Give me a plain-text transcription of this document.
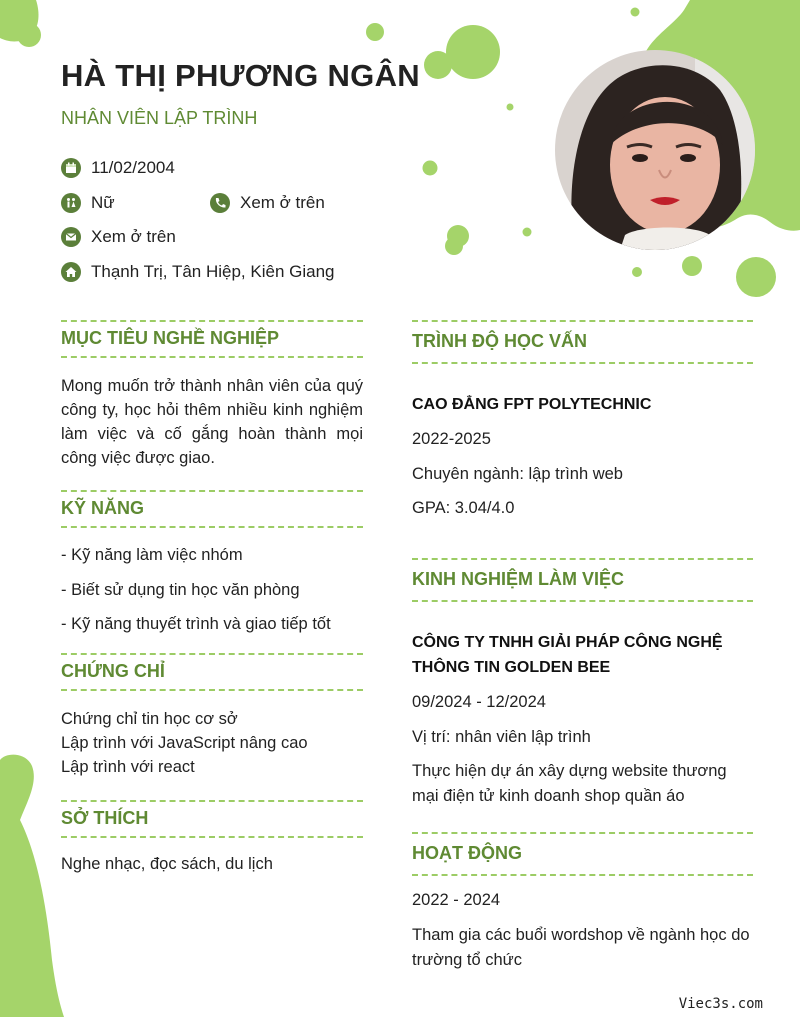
HÀ THỊ PHƯƠNG NGÂN

NHÂN VIÊN LẬP TRÌNH

11/02/2004
Nữ	Xem ở trên
Xem ở trên
Thạnh Trị, Tân Hiệp, Kiên Giang
MỤC TIÊU NGHỀ NGHIỆP

Mong muốn trở thành nhân viên của quý công ty, học hỏi thêm nhiều kinh nghiệm làm việc và cố gắng hoàn thành mọi công việc được giao.

KỸ NĂNG

- Kỹ năng làm việc nhóm

- Biết sử dụng tin học văn phòng

- Kỹ năng thuyết trình và giao tiếp tốt

CHỨNG CHỈ

Chứng chỉ tin học cơ sở

Lập trình với JavaScript nâng cao

Lập trình với react

SỞ THÍCH

Nghe nhạc, đọc sách, du lịch

TRÌNH ĐỘ HỌC VẤN

CAO ĐẲNG FPT POLYTECHNIC

2022-2025

Chuyên ngành: lập trình web

GPA: 3.04/4.0

KINH NGHIỆM LÀM VIỆC

CÔNG TY TNHH GIẢI PHÁP CÔNG NGHỆ THÔNG TIN GOLDEN BEE

09/2024 - 12/2024

Vị trí: nhân viên lập trình

Thực hiện dự án xây dựng website thương mại điện tử kinh doanh shop quần áo

HOẠT ĐỘNG

2022 - 2024

Tham gia các buổi wordshop về ngành học do trường tổ chức

Viec3s.com
